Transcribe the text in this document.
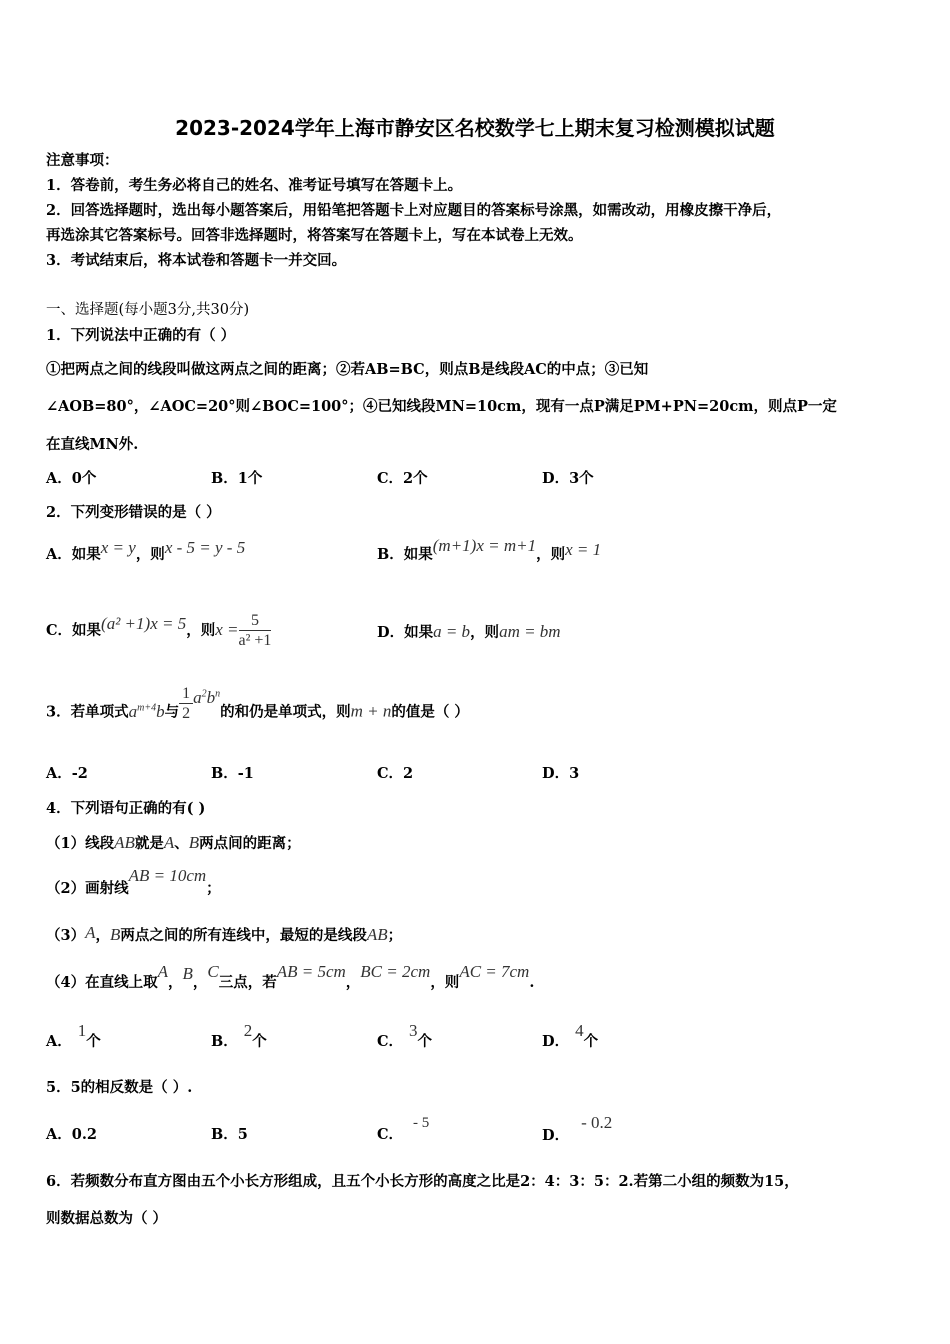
2023-2024学年上海市静安区名校数学七上期末复习检测模拟试题
注意事项：
1．答卷前，考生务必将自己的姓名、准考证号填写在答题卡上。
2．回答选择题时，选出每小题答案后，用铅笔把答题卡上对应题目的答案标号涂黑，如需改动，用橡皮擦干净后，
再选涂其它答案标号。回答非选择题时，将答案写在答题卡上，写在本试卷上无效。
3．考试结束后，将本试卷和答题卡一并交回。
一、选择题(每小题3分,共30分)
1．下列说法中正确的有（ ）
①把两点之间的线段叫做这两点之间的距离；②若AB=BC，则点B是线段AC的中点；③已知
∠AOB=80°，∠AOC=20°则∠BOC=100°；④已知线段MN=10cm，现有一点P满足PM+PN=20cm，则点P一定
在直线MN外.
A．0个	B．1个	C．2个	D．3个
2．下列变形错误的是（ ）
A．如果x = y，则x - 5 = y - 5	B．如果(m+1)x = m+1，则x = 1
C．如果(a² +1)x = 5，则$x = \frac{5}{\text{a² +1}}$	D．如果a = b，则am = bm
3．若单项式$a^{m+4}b$与 $\frac{1}{2} a^2b^n$的和仍是单项式，则m + n的值是（ ）
A．-2	B．-1	C．2	D．3
4．下列语句正确的有( )
（1）线段AB就是A、B两点间的距离；
（2）画射线AB = 10cm；
（3）A，B两点之间的所有连线中，最短的是线段AB；
（4）在直线上取A，B，C三点，若AB = 5cm，BC = 2cm，则AC = 7cm.
A．1个	B．2个	C．3个	D．4个
5．5的相反数是（ ）.
A．0.2	B．5	C．- 5
D．- 0.2
6．若频数分布直方图由五个小长方形组成，且五个小长方形的高度之比是2：4：3：5：2.若第二小组的频数为15，
则数据总数为（ ）
